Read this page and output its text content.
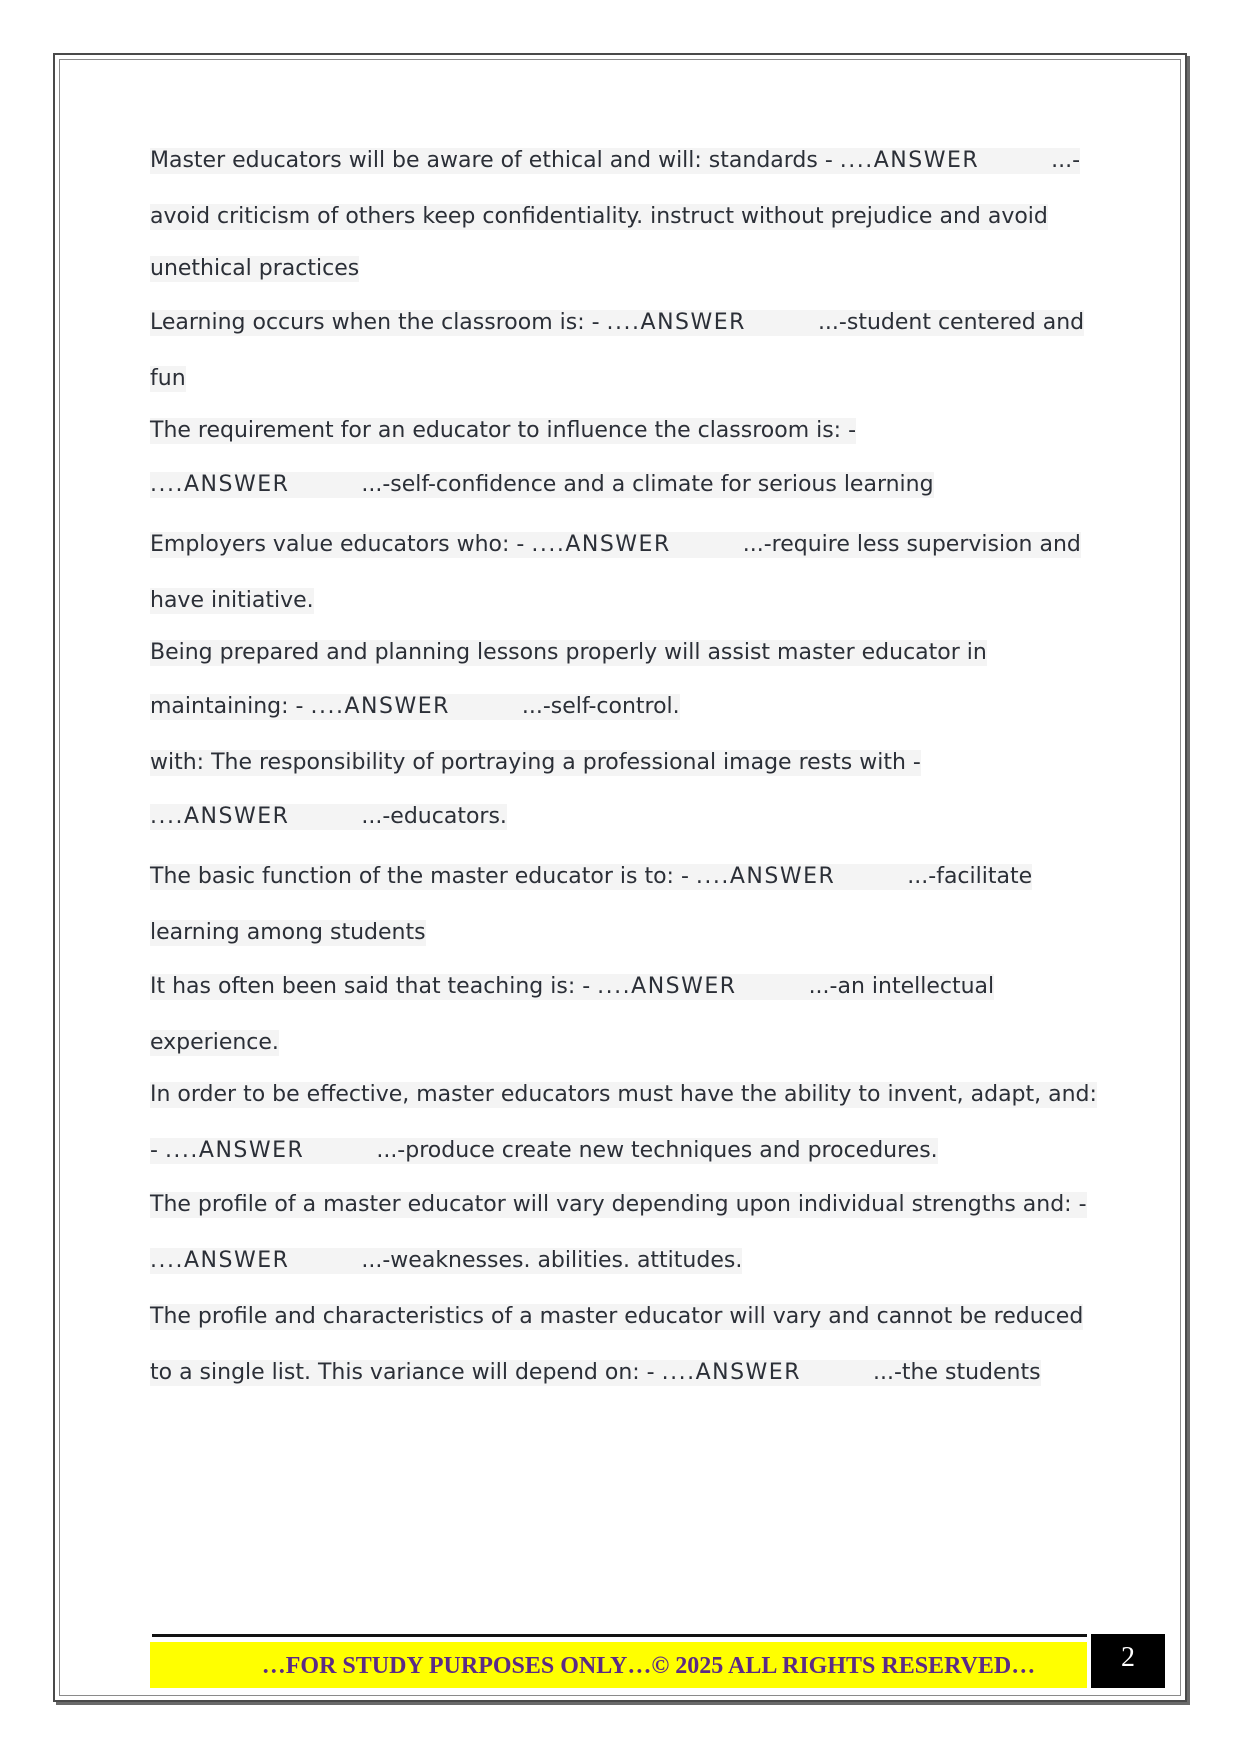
Master educators will be aware of ethical and will: standards - ....ANSWER	...-
avoid criticism of others keep confidentiality. instruct without prejudice and avoid
unethical practices
Learning occurs when the classroom is: - ....ANSWER	...-student centered and
fun
The requirement for an educator to influence the classroom is: -
....ANSWER	...-self-confidence and a climate for serious learning
Employers value educators who: - ....ANSWER	...-require less supervision and
have initiative.
Being prepared and planning lessons properly will assist master educator in
maintaining: - ....ANSWER	...-self-control.
with: The responsibility of portraying a professional image rests with -
....ANSWER	...-educators.
The basic function of the master educator is to: - ....ANSWER	...-facilitate
learning among students
It has often been said that teaching is: - ....ANSWER	...-an intellectual
experience.
In order to be effective, master educators must have the ability to invent, adapt, and:
- ....ANSWER	...-produce create new techniques and procedures.
The profile of a master educator will vary depending upon individual strengths and: -
....ANSWER	...-weaknesses. abilities. attitudes.
The profile and characteristics of a master educator will vary and cannot be reduced
to a single list. This variance will depend on: - ....ANSWER	...-the students
…FOR STUDY PURPOSES ONLY…© 2025 ALL RIGHTS RESERVED…	2
